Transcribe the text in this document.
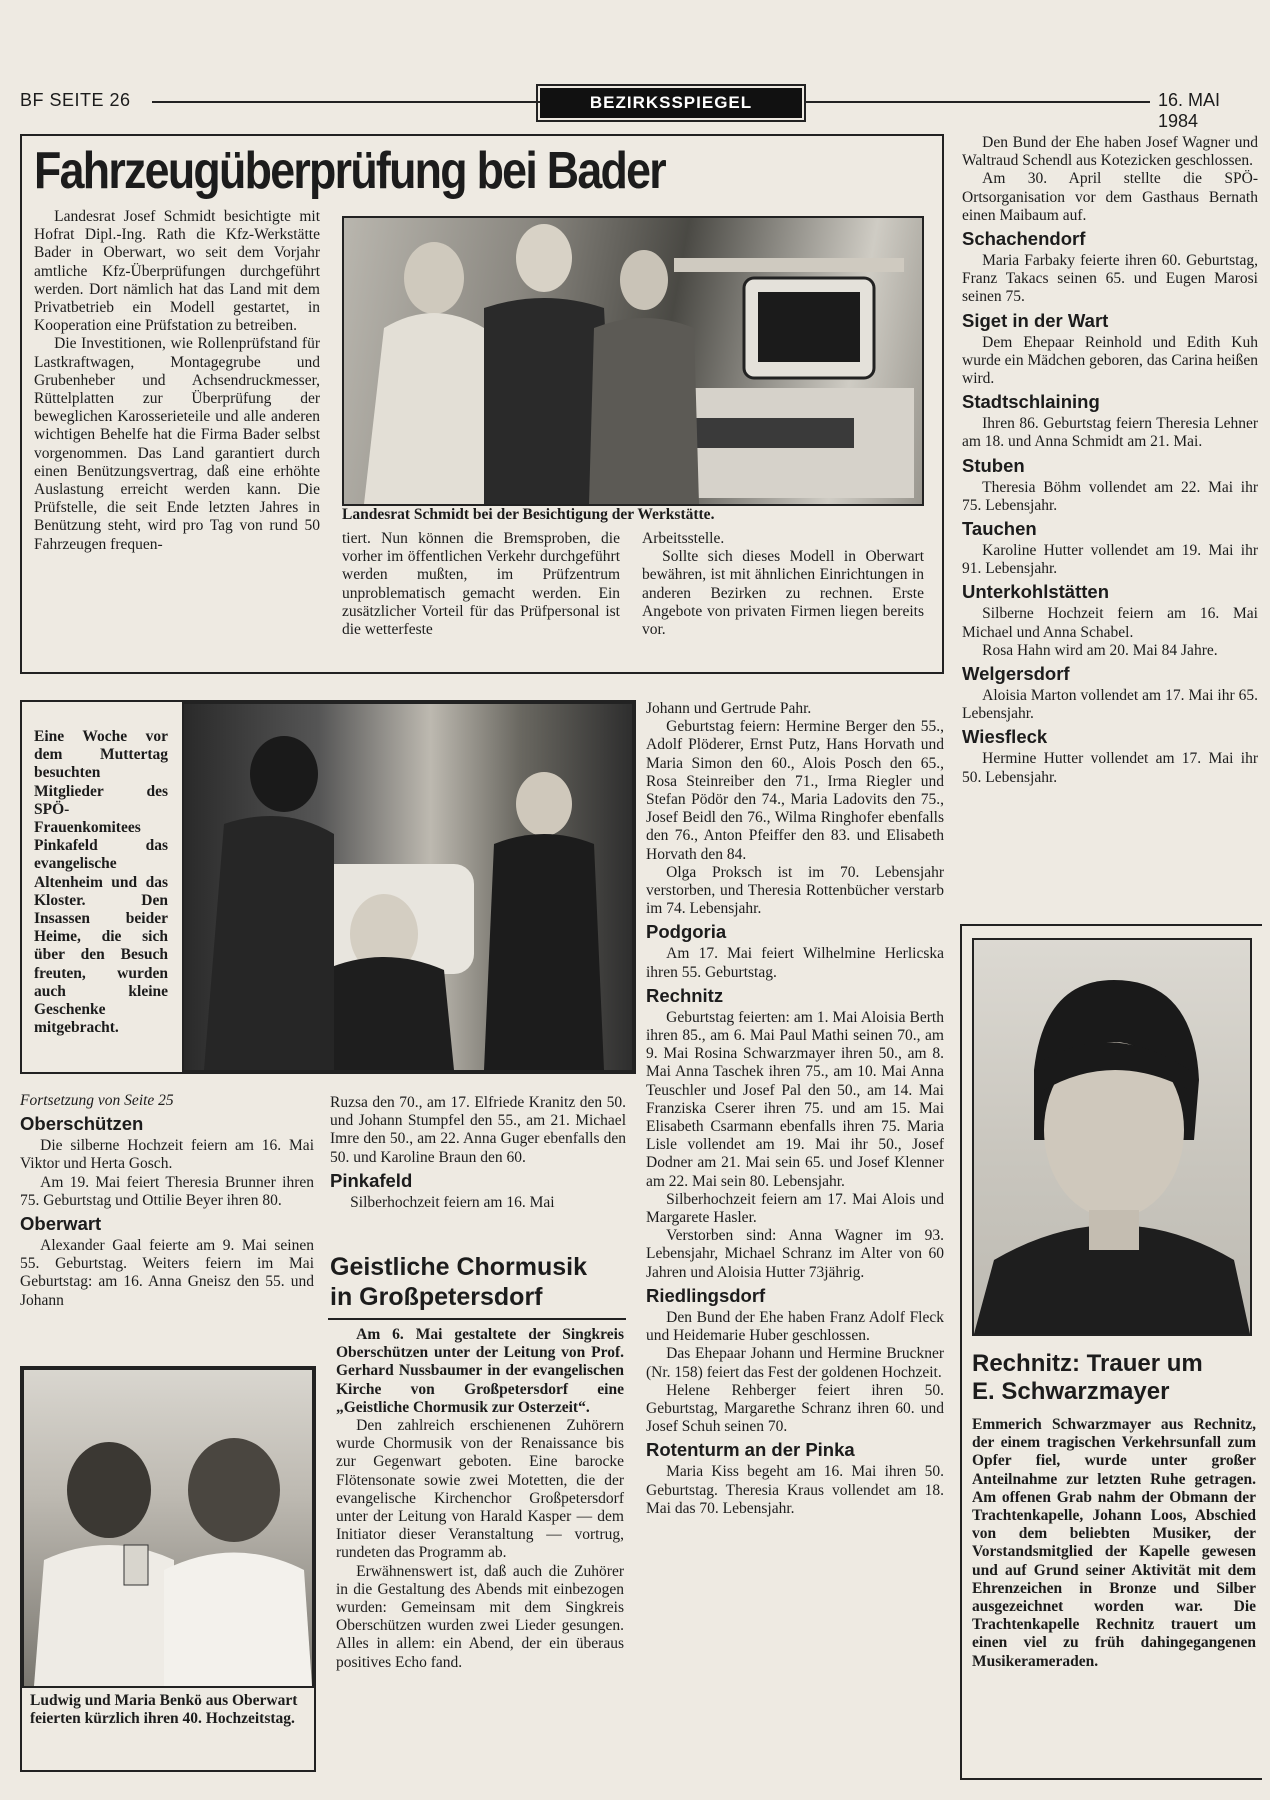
BF SEITE 26	BEZIRKSSPIEGEL	16. MAI 1984
Fahrzeugüberprüfung bei Bader

Landesrat Josef Schmidt besichtigte mit Hofrat Dipl.-Ing. Rath die Kfz-Werkstätte Bader in Oberwart, wo seit dem Vorjahr amtliche Kfz-Überprüfungen durchgeführt werden. Dort nämlich hat das Land mit dem Privatbetrieb ein Modell gestartet, in Kooperation eine Prüfstation zu betreiben.

Die Investitionen, wie Rollenprüfstand für Lastkraftwagen, Montagegrube und Grubenheber und Achsendruckmesser, Rüttelplatten zur Überprüfung der beweglichen Karosserieteile und alle anderen wichtigen Behelfe hat die Firma Bader selbst vorgenommen. Das Land garantiert durch einen Benützungsvertrag, daß eine erhöhte Auslastung erreicht werden kann. Die Prüfstelle, die seit Ende letzten Jahres in Benützung steht, wird pro Tag von rund 50 Fahrzeugen frequen-

Landesrat Schmidt bei der Besichtigung der Werkstätte.

tiert. Nun können die Bremsproben, die vorher im öffentlichen Verkehr durchgeführt werden mußten, im Prüfzentrum unproblematisch gemacht werden. Ein zusätzlicher Vorteil für das Prüfpersonal ist die wetterfeste

Arbeitsstelle.

Sollte sich dieses Modell in Oberwart bewähren, ist mit ähnlichen Einrichtungen in anderen Bezirken zu rechnen. Erste Angebote von privaten Firmen liegen bereits vor.

Eine Woche vor dem Muttertag besuchten Mitglieder des SPÖ-Frauenkomitees Pinkafeld das evangelische Altenheim und das Kloster. Den Insassen beider Heime, die sich über den Besuch freuten, wurden auch kleine Geschenke mitgebracht.

Fortsetzung von Seite 25

Oberschützen

Die silberne Hochzeit feiern am 16. Mai Viktor und Herta Gosch.

Am 19. Mai feiert Theresia Brunner ihren 75. Geburtstag und Ottilie Beyer ihren 80.

Oberwart

Alexander Gaal feierte am 9. Mai seinen 55. Geburtstag. Weiters feiern im Mai Geburtstag: am 16. Anna Gneisz den 55. und Johann

Ludwig und Maria Benkö aus Oberwart feierten kürzlich ihren 40. Hochzeitstag.

Ruzsa den 70., am 17. Elfriede Kranitz den 50. und Johann Stumpfel den 55., am 21. Michael Imre den 50., am 22. Anna Guger ebenfalls den 50. und Karoline Braun den 60.

Pinkafeld

Silberhochzeit feiern am 16. Mai

Geistliche Chormusik
in Großpetersdorf

Am 6. Mai gestaltete der Singkreis Oberschützen unter der Leitung von Prof. Gerhard Nussbaumer in der evangelischen Kirche von Großpetersdorf eine „Geistliche Chormusik zur Osterzeit“.

Den zahlreich erschienenen Zuhörern wurde Chormusik von der Renaissance bis zur Gegenwart geboten. Eine barocke Flötensonate sowie zwei Motetten, die der evangelische Kirchenchor Großpetersdorf unter der Leitung von Harald Kasper — dem Initiator dieser Veranstaltung — vortrug, rundeten das Programm ab.

Erwähnenswert ist, daß auch die Zuhörer in die Gestaltung des Abends mit einbezogen wurden: Gemeinsam mit dem Singkreis Oberschützen wurden zwei Lieder gesungen. Alles in allem: ein Abend, der ein überaus positives Echo fand.

Johann und Gertrude Pahr.

Geburtstag feiern: Hermine Berger den 55., Adolf Plöderer, Ernst Putz, Hans Horvath und Maria Simon den 60., Alois Posch den 65., Rosa Steinreiber den 71., Irma Riegler und Stefan Pödör den 74., Maria Ladovits den 75., Josef Beidl den 76., Wilma Ringhofer ebenfalls den 76., Anton Pfeiffer den 83. und Elisabeth Horvath den 84.

Olga Proksch ist im 70. Lebensjahr verstorben, und Theresia Rottenbücher verstarb im 74. Lebensjahr.

Podgoria

Am 17. Mai feiert Wilhelmine Herlicska ihren 55. Geburtstag.

Rechnitz

Geburtstag feierten: am 1. Mai Aloisia Berth ihren 85., am 6. Mai Paul Mathi seinen 70., am 9. Mai Rosina Schwarzmayer ihren 50., am 8. Mai Anna Taschek ihren 75., am 10. Mai Anna Teuschler und Josef Pal den 50., am 14. Mai Franziska Cserer ihren 75. und am 15. Mai Elisabeth Csarmann ebenfalls ihren 75. Maria Lisle vollendet am 19. Mai ihr 50., Josef Dodner am 21. Mai sein 65. und Josef Klenner am 22. Mai sein 80. Lebensjahr.

Silberhochzeit feiern am 17. Mai Alois und Margarete Hasler.

Verstorben sind: Anna Wagner im 93. Lebensjahr, Michael Schranz im Alter von 60 Jahren und Aloisia Hutter 73jährig.

Riedlingsdorf

Den Bund der Ehe haben Franz Adolf Fleck und Heidemarie Huber geschlossen.

Das Ehepaar Johann und Hermine Bruckner (Nr. 158) feiert das Fest der goldenen Hochzeit.

Helene Rehberger feiert ihren 50. Geburtstag, Margarethe Schranz ihren 60. und Josef Schuh seinen 70.

Rotenturm an der Pinka

Maria Kiss begeht am 16. Mai ihren 50. Geburtstag. Theresia Kraus vollendet am 18. Mai das 70. Lebensjahr.

Den Bund der Ehe haben Josef Wagner und Waltraud Schendl aus Kotezicken geschlossen.

Am 30. April stellte die SPÖ-Ortsorganisation vor dem Gasthaus Bernath einen Maibaum auf.

Schachendorf

Maria Farbaky feierte ihren 60. Geburtstag, Franz Takacs seinen 65. und Eugen Marosi seinen 75.

Siget in der Wart

Dem Ehepaar Reinhold und Edith Kuh wurde ein Mädchen geboren, das Carina heißen wird.

Stadtschlaining

Ihren 86. Geburtstag feiern Theresia Lehner am 18. und Anna Schmidt am 21. Mai.

Stuben

Theresia Böhm vollendet am 22. Mai ihr 75. Lebensjahr.

Tauchen

Karoline Hutter vollendet am 19. Mai ihr 91. Lebensjahr.

Unterkohlstätten

Silberne Hochzeit feiern am 16. Mai Michael und Anna Schabel.

Rosa Hahn wird am 20. Mai 84 Jahre.

Welgersdorf

Aloisia Marton vollendet am 17. Mai ihr 65. Lebensjahr.

Wiesfleck

Hermine Hutter vollendet am 17. Mai ihr 50. Lebensjahr.

Rechnitz: Trauer um
E. Schwarzmayer

Emmerich Schwarzmayer aus Rechnitz, der einem tragischen Verkehrsunfall zum Opfer fiel, wurde unter großer Anteilnahme zur letzten Ruhe getragen. Am offenen Grab nahm der Obmann der Trachtenkapelle, Johann Loos, Abschied von dem beliebten Musiker, der Vorstandsmitglied der Kapelle gewesen und auf Grund seiner Aktivität mit dem Ehrenzeichen in Bronze und Silber ausgezeichnet worden war. Die Trachtenkapelle Rechnitz trauert um einen viel zu früh dahingegangenen Musikerameraden.
